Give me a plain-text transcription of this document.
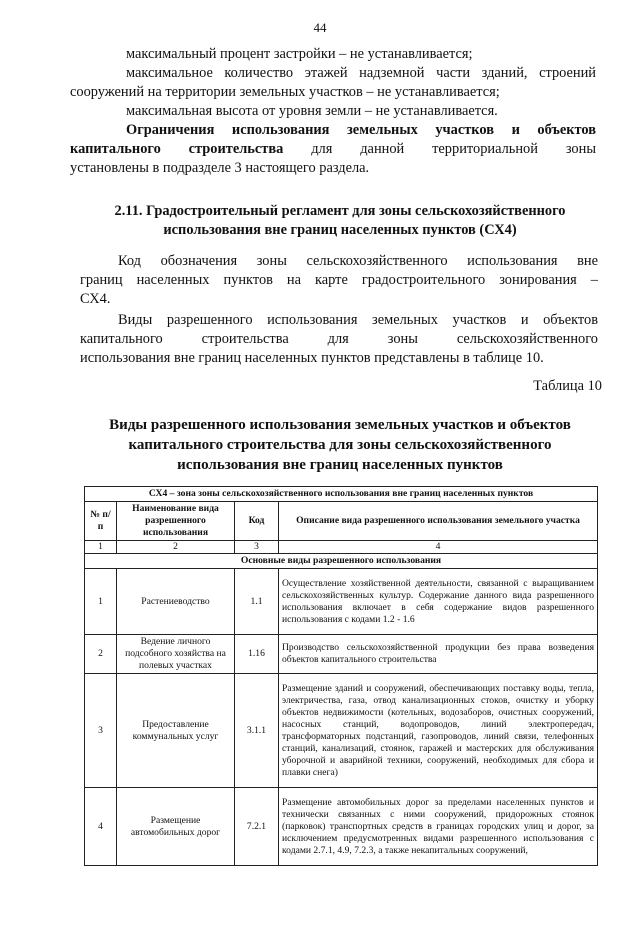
44
максимальный процент застройки – не устанавливается;
максимальное количество этажей надземной части зданий, строений
сооружений на территории земельных участков – не устанавливается;
максимальная высота от уровня земли – не устанавливается.
Ограничения использования земельных участков и объектов
капитального строительства для данной территориальной зоны
установлены в подразделе 3 настоящего раздела.
2.11. Градостроительный регламент для зоны сельскохозяйственного
использования вне границ населенных пунктов (СХ4)
Код обозначения зоны сельскохозяйственного использования вне
границ населенных пунктов на карте градостроительного зонирования –
СХ4.
Виды разрешенного использования земельных участков и объектов
капитального строительства для зоны сельскохозяйственного
использования вне границ населенных пунктов представлены в таблице 10.
Таблица 10
Виды разрешенного использования земельных участков и объектов
капитального строительства для зоны сельскохозяйственного
использования вне границ населенных пунктов
СХ4 – зона зоны сельскохозяйственного использования вне границ населенных пунктов			
№ п/п	Наименование вида разрешенного использования	Код	Описание вида разрешенного использования земельного участка
1	2	3	4
Основные виды разрешенного использования			
1	Растениеводство	1.1	Осуществление хозяйственной деятельности, связанной с выращиванием сельскохозяйственных культур. Содержание данного вида разрешенного использования включает в себя содержание видов разрешенного использования с кодами 1.2 - 1.6
2	Ведение личного подсобного хозяйства на полевых участках	1.16	Производство сельскохозяйственной продукции без права возведения объектов капитального строительства
3	Предоставление коммунальных услуг	3.1.1	Размещение зданий и сооружений, обеспечивающих поставку воды, тепла, электричества, газа, отвод канализационных стоков, очистку и уборку объектов недвижимости (котельных, водозаборов, очистных сооружений, насосных станций, водопроводов, линий электропередач, трансформаторных подстанций, газопроводов, линий связи, телефонных станций, канализаций, стоянок, гаражей и мастерских для обслуживания уборочной и аварийной техники, сооружений, необходимых для сбора и плавки снега)
4	Размещение автомобильных дорог	7.2.1	Размещение автомобильных дорог за пределами населенных пунктов и технически связанных с ними сооружений, придорожных стоянок (парковок) транспортных средств в границах городских улиц и дорог, за исключением предусмотренных видами разрешенного использования с кодами 2.7.1, 4.9, 7.2.3, а также некапитальных сооружений,
